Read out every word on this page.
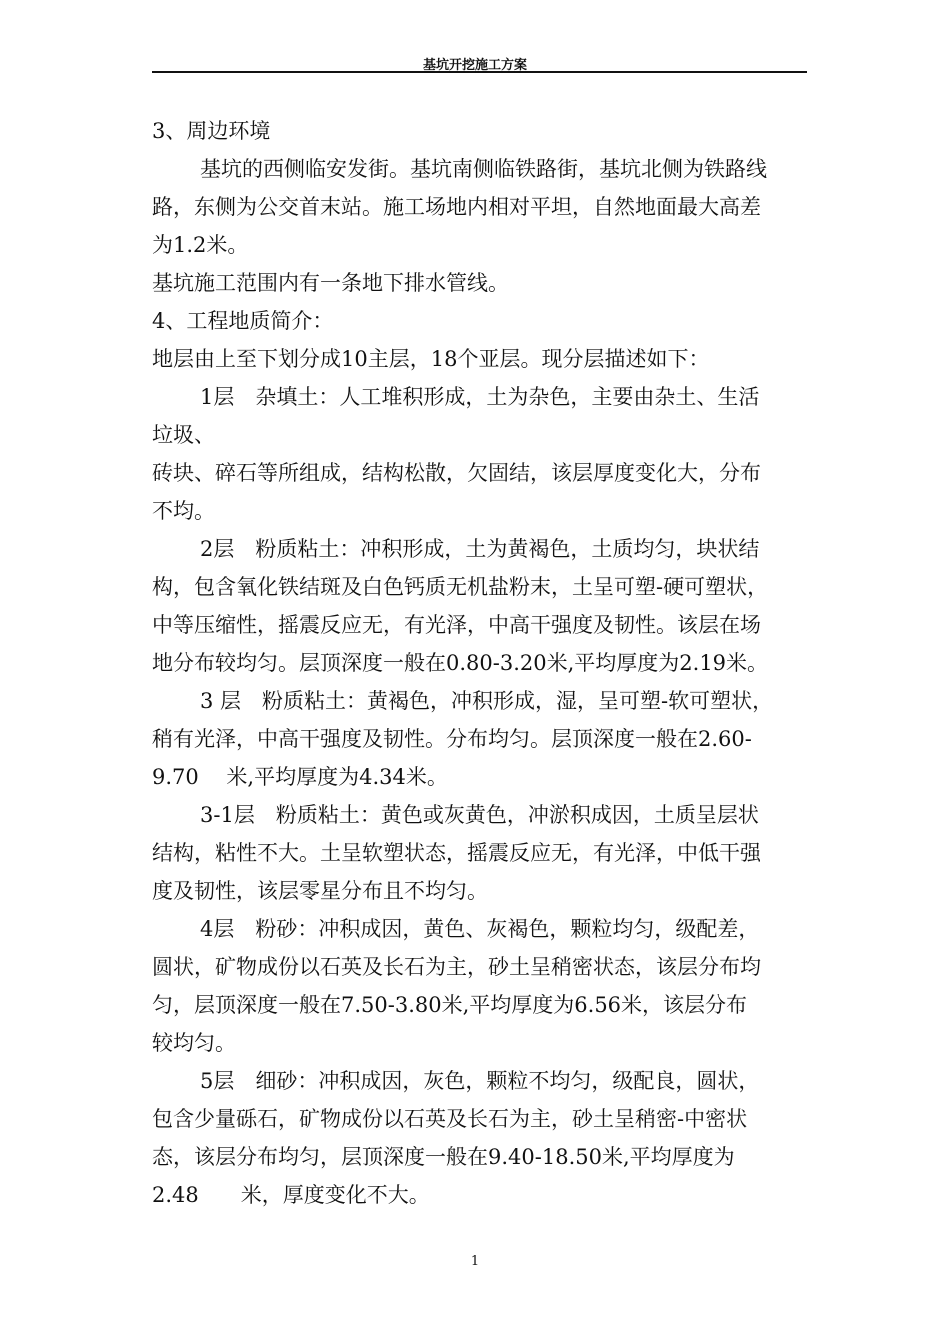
基坑开挖施工方案
3、周边环境
基坑的西侧临安发街。基坑南侧临铁路街，基坑北侧为铁路线
路，东侧为公交首末站。施工场地内相对平坦，自然地面最大高差
为1.2米。
基坑施工范围内有一条地下排水管线。
4、工程地质简介：
地层由上至下划分成10主层，18个亚层。现分层描述如下：
1层　杂填土：人工堆积形成，土为杂色，主要由杂土、生活
垃圾、
砖块、碎石等所组成，结构松散，欠固结，该层厚度变化大，分布
不均。
2层　粉质粘土：冲积形成，土为黄褐色，土质均匀，块状结
构，包含氧化铁结斑及白色钙质无机盐粉末，土呈可塑-硬可塑状，
中等压缩性，摇震反应无，有光泽，中高干强度及韧性。该层在场
地分布较均匀。层顶深度一般在0.80-3.20米,平均厚度为2.19米。
3 层　粉质粘土：黄褐色，冲积形成，湿，呈可塑-软可塑状，
稍有光泽，中高干强度及韧性。分布均匀。层顶深度一般在2.60-
9.70　 米,平均厚度为4.34米。
3-1层　粉质粘土：黄色或灰黄色，冲淤积成因，土质呈层状
结构，粘性不大。土呈软塑状态，摇震反应无，有光泽，中低干强
度及韧性，该层零星分布且不均匀。
4层　粉砂：冲积成因，黄色、灰褐色，颗粒均匀，级配差，
圆状，矿物成份以石英及长石为主，砂土呈稍密状态，该层分布均
匀，层顶深度一般在7.50-3.80米,平均厚度为6.56米，该层分布
较均匀。
5层　细砂：冲积成因，灰色，颗粒不均匀，级配良，圆状，
包含少量砾石，矿物成份以石英及长石为主，砂土呈稍密-中密状
态，该层分布均匀，层顶深度一般在9.40-18.50米,平均厚度为
2.48　　米，厚度变化不大。
1
